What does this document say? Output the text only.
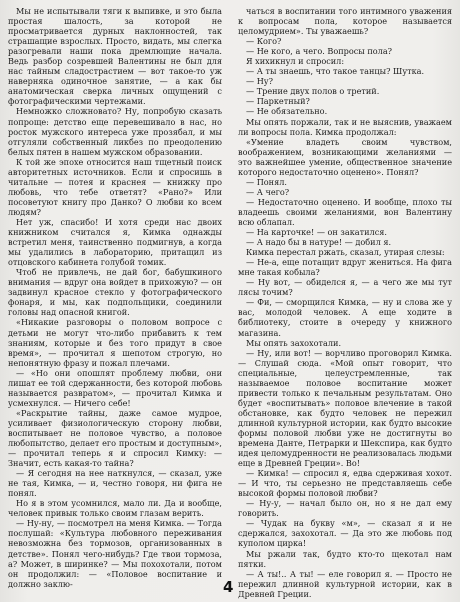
Мы не испытывали тяги к выпивке, и это была простая шалость, за которой не просматривается дурных наклонностей, так страшащие взрослых. Просто, видать, мы слегка разогревали наши пока дремлющие начала. Ведь разбор созревшей Валентины не был для нас тайным сладострастием — вот такое-то уж наверняка одиночное занятие, — а как бы анатомическая сверка личных ощущений с фотографическими чертежами.

Немножко сложновато? Ну, попробую сказать попроще: детство еще перевешивало в нас, но росток мужского интереса уже прозябал, и мы отгуляли собственный ликбез по преодолению белых пятен в нашем мужском образовании.

К той же эпохе относится наш тщетный поиск авторитетных источников. Если и спросишь в читальне — потея и краснея — книжку про любовь, что тебе ответят? «Рано?» Или посоветуют книгу про Данко? О любви ко всем людям?

Нет уж, спасибо! И хотя среди нас двоих книжником считался я, Кимка однажды встретил меня, таинственно подмигнув, а когда мы удалились в лабораторию, притащил из отцовского кабинета голубой томик.

Чтоб не привлечь, не дай бог, бабушкиного внимания — вдруг она войдет в прихожую? — он задвинул красное стекло у фотографического фонаря, и мы, как подпольщики, соединили головы над опасной книгой.

«Никакие разговоры о половом вопросе с детьми не могут что-либо прибавить к тем знаниям, которые и без того придут в свое время», — прочитал я шепотом строгую, но непонятную фразу и пожал плечами.

— «Но они опошлят проблему любви, они лишат ее той сдержанности, без которой любовь называется развратом», — прочитал Кимка и усмехнулся. — Ничего себе!

«Раскрытие тайны, даже самое мудрое, усиливает физиологическую сторону любви, воспитывает не половое чувство, а половое любопытство, делает его простым и доступным», — прочитал теперь я и спросил Кимку: — Значит, есть какая-то тайна?

— Я сегодня на нее наткнулся, — сказал, уже не тая, Кимка, — и, честно говоря, ни фига не понял.

Но я в этом усомнился, мало ли. Да и вообще, человек привык только своим глазам верить.

— Ну-ну, — посмотрел на меня Кимка. — Тогда послушай: «Культура любовного переживания невозможна без тормозов, организованных в детстве». Понял чего-нибудь? Где твои тормоза, а? Может, в ширинке? — Мы похохотали, потом он продолжил: — «Половое воспитание и должно заклю-

чаться в воспитании того интимного уважения к вопросам пола, которое называется целомудрием». Ты уважаешь?

— Кого?

— Не кого, а чего. Вопросы пола?

Я хихикнул и спросил:

— А ты знаешь, что такое танцы? Шутка.

— Ну?

— Трение двух полов о третий.

— Паркетный?

— Не обязательно.

Мы опять поржали, так и не выяснив, уважаем ли вопросы пола. Кимка продолжал:

«Умение владеть своим чувством, воображением, возникающими желаниями — это важнейшее умение, общественное значение которого недостаточно оценено». Понял?

— Понял.

— А чего?

— Недостаточно оценено. И вообще, плохо ты владеешь своими желаниями, вон Валентину всю облапал.

— На карточке! — он закатился.

— А надо бы в натуре! — добил я.

Кимка перестал ржать, сказал, утирая слезы:

— Не-а, еще потащит вдруг жениться. На фига мне такая кобыла?

— Ну вот, — обиделся я, — а чего же мы тут лясы точим?

— Фи, — сморщился Кимка, — ну и слова же у вас, молодой человек. А еще ходите в библиотеку, стоите в очереду у книжного магазина.

Мы опять захохотали.

— Ну, или вот! — ворчливо проговорил Кимка. — Слушай сюда. «Мой опыт говорит, что специальные, целеустремленные, так называемое половое воспитание может привести только к печальным результатам. Оно будет «воспитывать» половое влечение в такой обстановке, как будто человек не пережил длинной культурной истории, как будто высокие формы половой любви уже не достигнуты во времена Данте, Петрарки и Шекспира, как будто идея целомудренности не реализовалась людьми еще в Древней Греции». Во!

— Кимка! — спросил я, едва сдерживая хохот. — И что, ты серьезно не представляешь себе высокой формы половой любви?

— Ну-у, — начал было он, но я не дал ему говорить.

— Чудак на букву «м», — сказал я и не сдержался, захохотал. — Да это же любовь под куполом цирка!

Мы ржали так, будто кто-то щекотал нам пятки.

— А ты!.. А ты! — еле говорил я. — Просто не пережил длинной культурной истории, как в Древней Греции.

4
